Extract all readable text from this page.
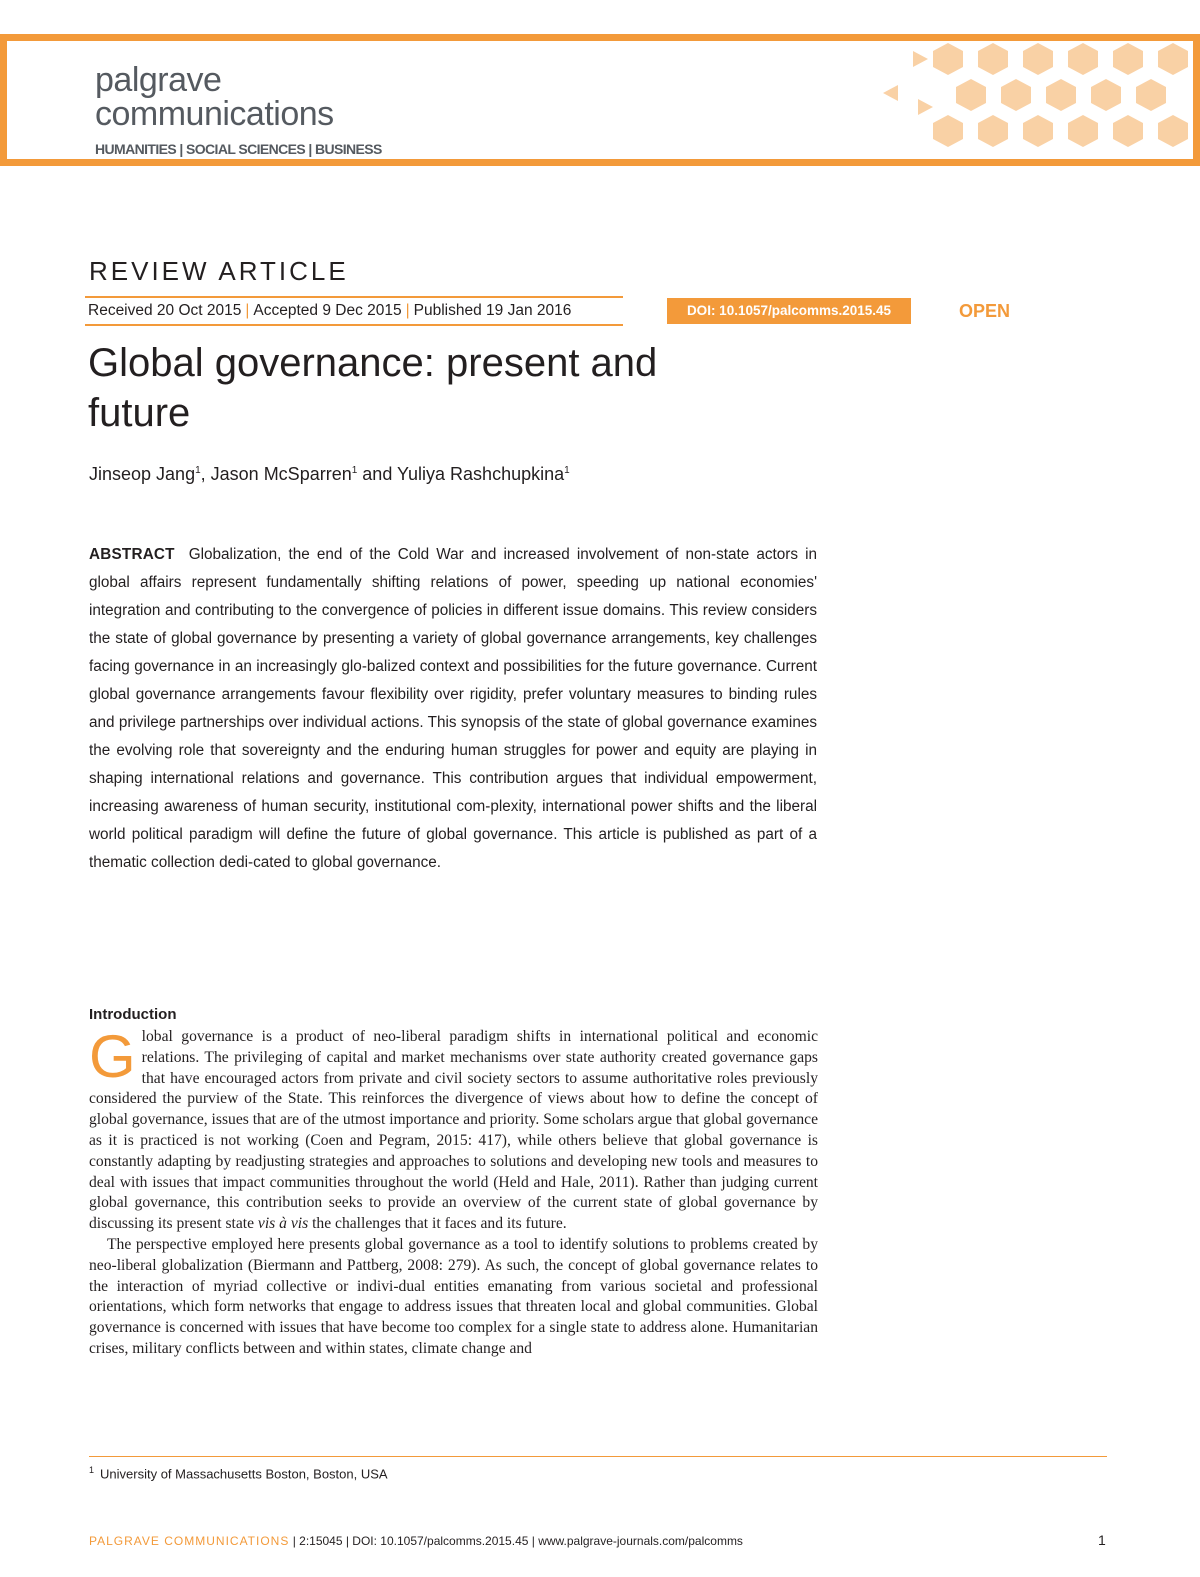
palgrave
communications
HUMANITIES | SOCIAL SCIENCES | BUSINESS
REVIEW ARTICLE
Received 20 Oct 2015 | Accepted 9 Dec 2015 | Published 19 Jan 2016	DOI: 10.1057/palcomms.2015.45	OPEN
Global governance: present and future
Jinseop Jang$^1$, Jason McSparren$^1$ and Yuliya Rashchupkina$^1$

ABSTRACT Globalization, the end of the Cold War and increased involvement of non-state actors in global affairs represent fundamentally shifting relations of power, speeding up national economies' integration and contributing to the convergence of policies in different issue domains. This review considers the state of global governance by presenting a variety of global governance arrangements, key challenges facing governance in an increasingly glo-balized context and possibilities for the future governance. Current global governance arrangements favour flexibility over rigidity, prefer voluntary measures to binding rules and privilege partnerships over individual actions. This synopsis of the state of global governance examines the evolving role that sovereignty and the enduring human struggles for power and equity are playing in shaping international relations and governance. This contribution argues that individual empowerment, increasing awareness of human security, institutional com-plexity, international power shifts and the liberal world political paradigm will define the future of global governance. This article is published as part of a thematic collection dedi-cated to global governance.

Introduction

Global governance is a product of neo-liberal paradigm shifts in international political and economic relations. The privileging of capital and market mechanisms over state authority created governance gaps that have encouraged actors from private and civil society sectors to assume authoritative roles previously considered the purview of the State. This reinforces the divergence of views about how to define the concept of global governance, issues that are of the utmost importance and priority. Some scholars argue that global governance as it is practiced is not working (Coen and Pegram, 2015: 417), while others believe that global governance is constantly adapting by readjusting strategies and approaches to solutions and developing new tools and measures to deal with issues that impact communities throughout the world (Held and Hale, 2011). Rather than judging current global governance, this contribution seeks to provide an overview of the current state of global governance by discussing its present state vis à vis the challenges that it faces and its future.

The perspective employed here presents global governance as a tool to identify solutions to problems created by neo-liberal globalization (Biermann and Pattberg, 2008: 279). As such, the concept of global governance relates to the interaction of myriad collective or indivi-dual entities emanating from various societal and professional orientations, which form networks that engage to address issues that threaten local and global communities. Global governance is concerned with issues that have become too complex for a single state to address alone. Humanitarian crises, military conflicts between and within states, climate change and

$^1$ University of Massachusetts Boston, Boston, USA
PALGRAVE COMMUNICATIONS | 2:15045 | DOI: 10.1057/palcomms.2015.45 | www.palgrave-journals.com/palcomms	1
